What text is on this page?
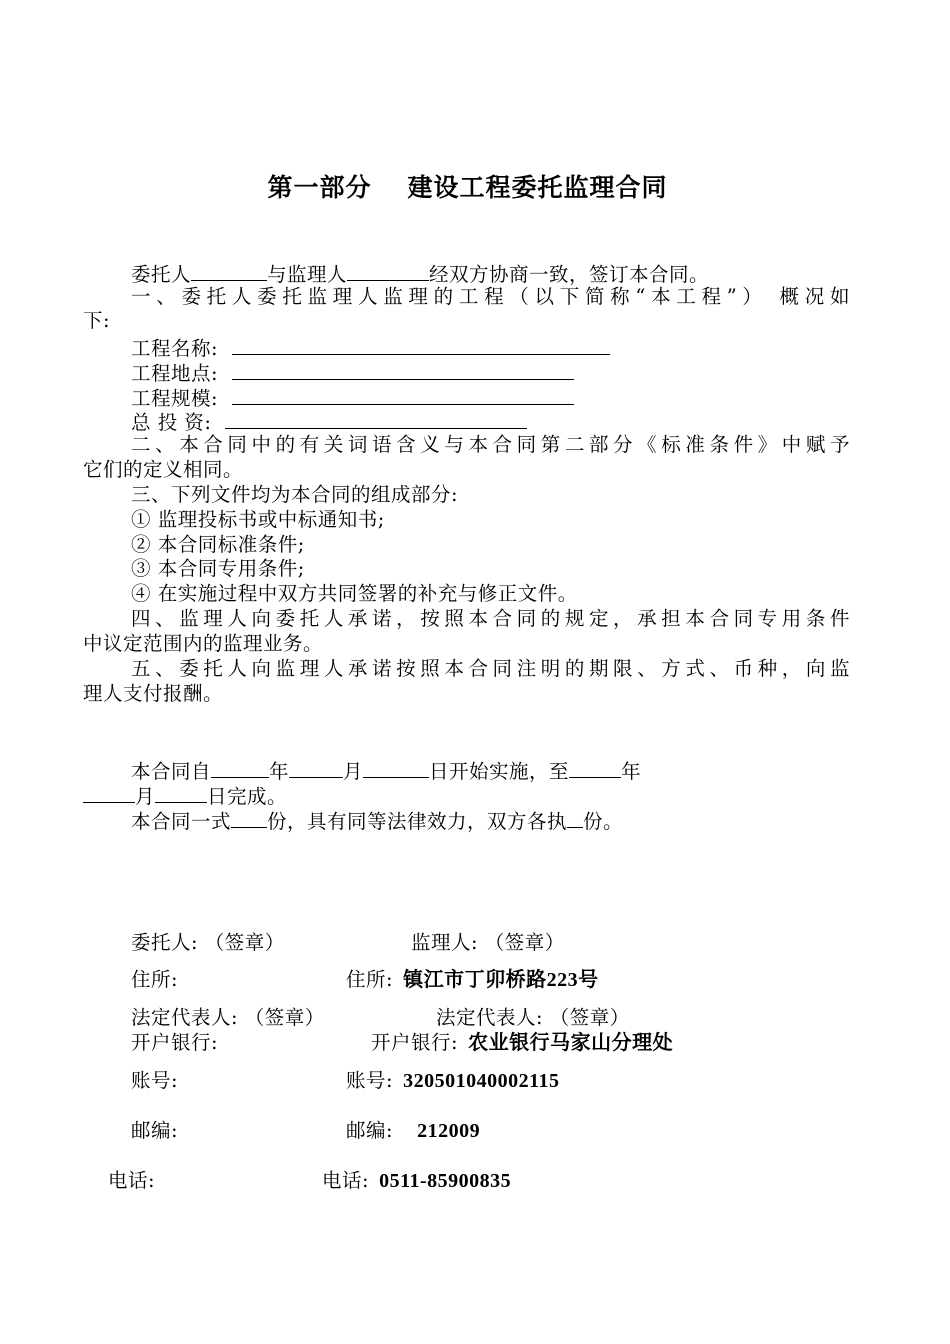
第一部分 建设工程委托监理合同
委托人	与监理人	经双方协商一致，签订本合同。
一、委托人委托监理人监理的工程（以下简称“本工程”） 概况如
下:
工程名称:
工程地点:
工程规模:
总 投 资:
二、本合同中的有关词语含义与本合同第二部分《标准条件》中赋予
它们的定义相同。
三、下列文件均为本合同的组成部分:
① 监理投标书或中标通知书;
② 本合同标准条件;
③ 本合同专用条件;
④ 在实施过程中双方共同签署的补充与修正文件。
四、监理人向委托人承诺，按照本合同的规定，承担本合同专用条件
中议定范围内的监理业务。
五、委托人向监理人承诺按照本合同注明的期限、方式、币种，向监
理人支付报酬。
本合同自	年	月	日开始实施，至	年
月	日完成。
本合同一式 份，具有同等法律效力，双方各执 份。
委托人: （签章）	监理人: （签章）
住所:	住所: 镇江市丁卯桥路223号
法定代表人: （签章）	法定代表人: （签章）
开户银行:	开户银行: 农业银行马家山分理处
账号:	账号: 320501040002115
邮编:	邮编: 212009
电话:	电话: 0511-85900835
